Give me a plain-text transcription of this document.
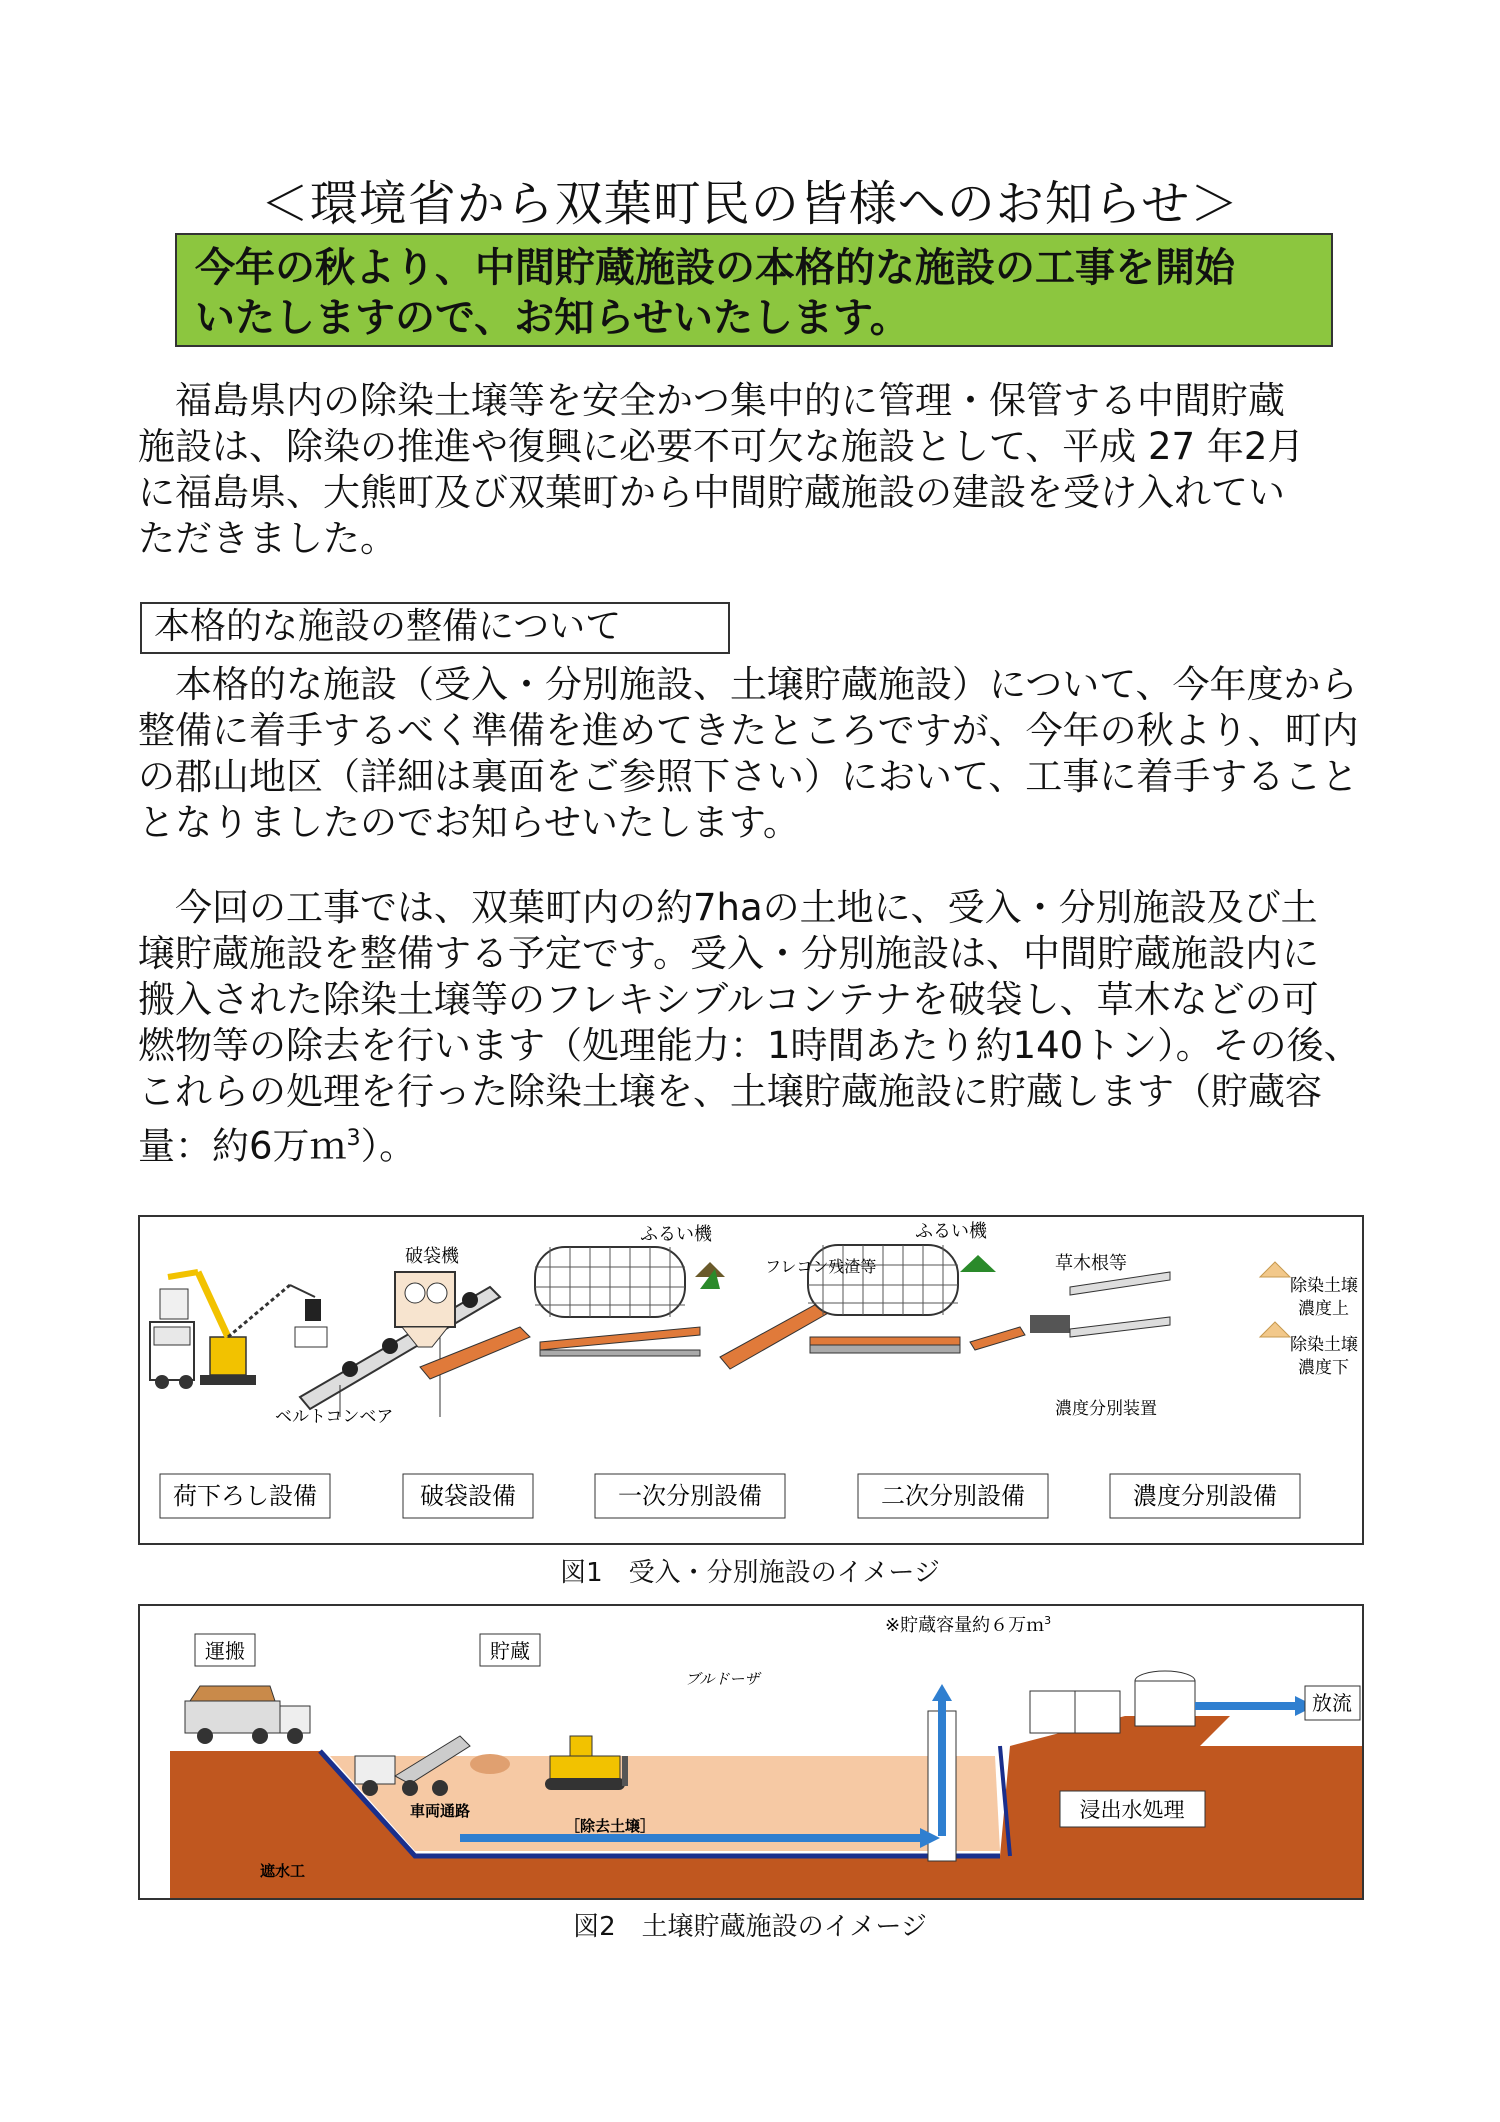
＜環境省から双葉町民の皆様へのお知らせ＞
今年の秋より、中間貯蔵施設の本格的な施設の工事を開始
いたしますので、お知らせいたします。
　福島県内の除染土壌等を安全かつ集中的に管理・保管する中間貯蔵
施設は、除染の推進や復興に必要不可欠な施設として、平成 27 年2月
に福島県、大熊町及び双葉町から中間貯蔵施設の建設を受け入れてい
ただきました。
本格的な施設の整備について
　本格的な施設（受入・分別施設、土壌貯蔵施設）について、今年度から
整備に着手するべく準備を進めてきたところですが、今年の秋より、町内
の郡山地区（詳細は裏面をご参照下さい）において、工事に着手すること
となりましたのでお知らせいたします。
　今回の工事では、双葉町内の約7haの土地に、受入・分別施設及び土
壌貯蔵施設を整備する予定です。受入・分別施設は、中間貯蔵施設内に
搬入された除染土壌等のフレキシブルコンテナを破袋し、草木などの可
燃物等の除去を行います（処理能力：1時間あたり約140トン）。その後、
これらの処理を行った除染土壌を、土壌貯蔵施設に貯蔵します（貯蔵容
量：約6万ｍ$^3$）。
破袋機
ふるい機	ふるい機
フレコン残渣等	草木根等
ベルトコンベア	濃度分別装置
除染土壌
濃度上
除染土壌
濃度下
荷下ろし設備	破袋設備	一次分別設備	二次分別設備	濃度分別設備
図1　受入・分別施設のイメージ
運搬	貯蔵
※貯蔵容量約６万ｍ$^3$
ブルドーザ
車両通路
［除去土壌］
遮水工
浸出水処理
放流
図2　土壌貯蔵施設のイメージ
